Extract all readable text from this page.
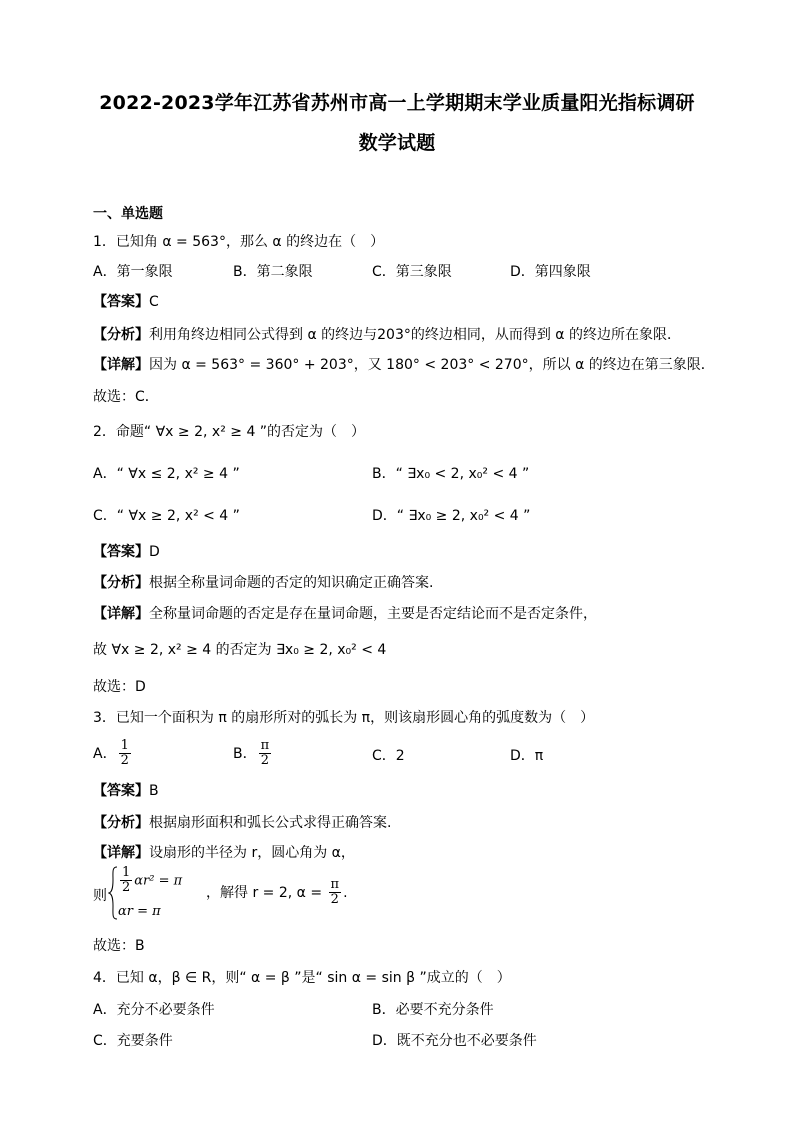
2022-2023学年江苏省苏州市高一上学期期末学业质量阳光指标调研
数学试题
一、单选题
1．已知角 α = 563°，那么 α 的终边在（　）
A．第一象限	B．第二象限	C．第三象限	D．第四象限
【答案】C
【分析】利用角终边相同公式得到 α 的终边与203°的终边相同，从而得到 α 的终边所在象限．
【详解】因为 α = 563° = 360° + 203°，又 180° < 203° < 270°，所以 α 的终边在第三象限．
故选：C．
2．命题“ ∀x ≥ 2, x² ≥ 4 ”的否定为（　）
A．“ ∀x ≤ 2, x² ≥ 4 ”	B．“ ∃x₀ < 2, x₀² < 4 ”
C．“ ∀x ≥ 2, x² < 4 ”	D．“ ∃x₀ ≥ 2, x₀² < 4 ”
【答案】D
【分析】根据全称量词命题的否定的知识确定正确答案.
【详解】全称量词命题的否定是存在量词命题，主要是否定结论而不是否定条件，
故 ∀x ≥ 2, x² ≥ 4 的否定为 ∃x₀ ≥ 2, x₀² < 4
故选：D
3．已知一个面积为 π 的扇形所对的弧长为 π，则该扇形圆心角的弧度数为（　）
A． $\frac{1}{2}$	B． $\frac{\pi}{2}$	C．2	D．π
【答案】B
【分析】根据扇形面积和弧长公式求得正确答案.
【详解】设扇形的半径为 r，圆心角为 α，
则
$\frac{1}{2} \alpha r^2 = \pi$
αr = π
，解得 r = 2, $\alpha = \frac{\pi}{2}$ .
故选：B
4．已知 α，β ∈ R，则“ α = β ”是“ sin α = sin β ”成立的（　）
A．充分不必要条件	B．必要不充分条件
C．充要条件	D．既不充分也不必要条件
